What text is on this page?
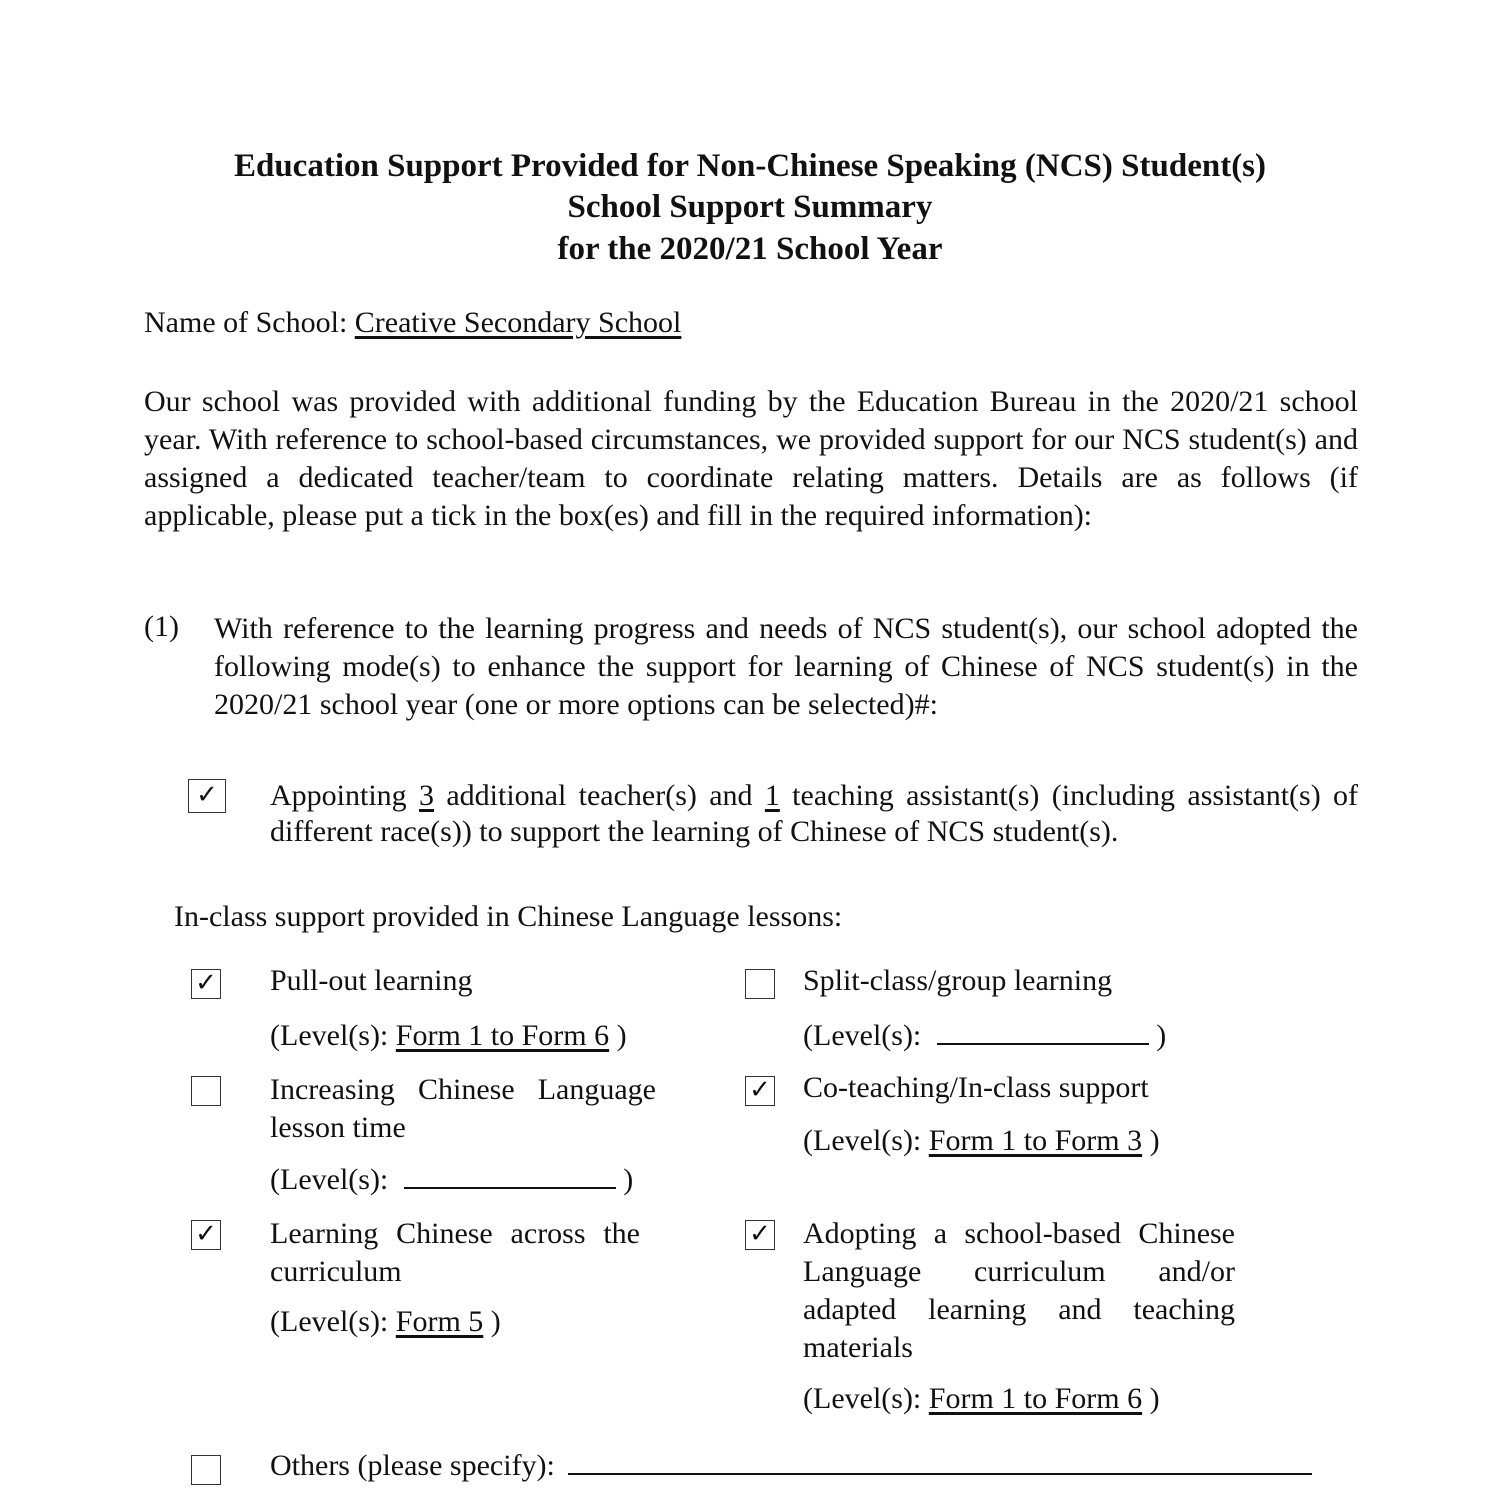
Education Support Provided for Non-Chinese Speaking (NCS) Student(s)
School Support Summary
for the 2020/21 School Year
Name of School: Creative Secondary School
Our school was provided with additional funding by the Education Bureau in the 2020/21 school year. With reference to school-based circumstances, we provided support for our NCS student(s) and assigned a dedicated teacher/team to coordinate relating matters. Details are as follows (if applicable, please put a tick in the box(es) and fill in the required information):
(1) With reference to the learning progress and needs of NCS student(s), our school adopted the following mode(s) to enhance the support for learning of Chinese of NCS student(s) in the 2020/21 school year (one or more options can be selected)#:
✓ Appointing 3 additional teacher(s) and 1 teaching assistant(s) (including assistant(s) of different race(s)) to support the learning of Chinese of NCS student(s).
In-class support provided in Chinese Language lessons:
✓ Pull-out learning
(Level(s): Form 1 to Form 6 )
Split-class/group learning
(Level(s):	)
Increasing Chinese Language lesson time
(Level(s):	)
✓ Co-teaching/In-class support
(Level(s): Form 1 to Form 3 )
✓ Learning Chinese across the curriculum
(Level(s): Form 5 )
✓ Adopting a school-based Chinese Language curriculum and/or adapted learning and teaching materials
(Level(s): Form 1 to Form 6 )
Others (please specify):
